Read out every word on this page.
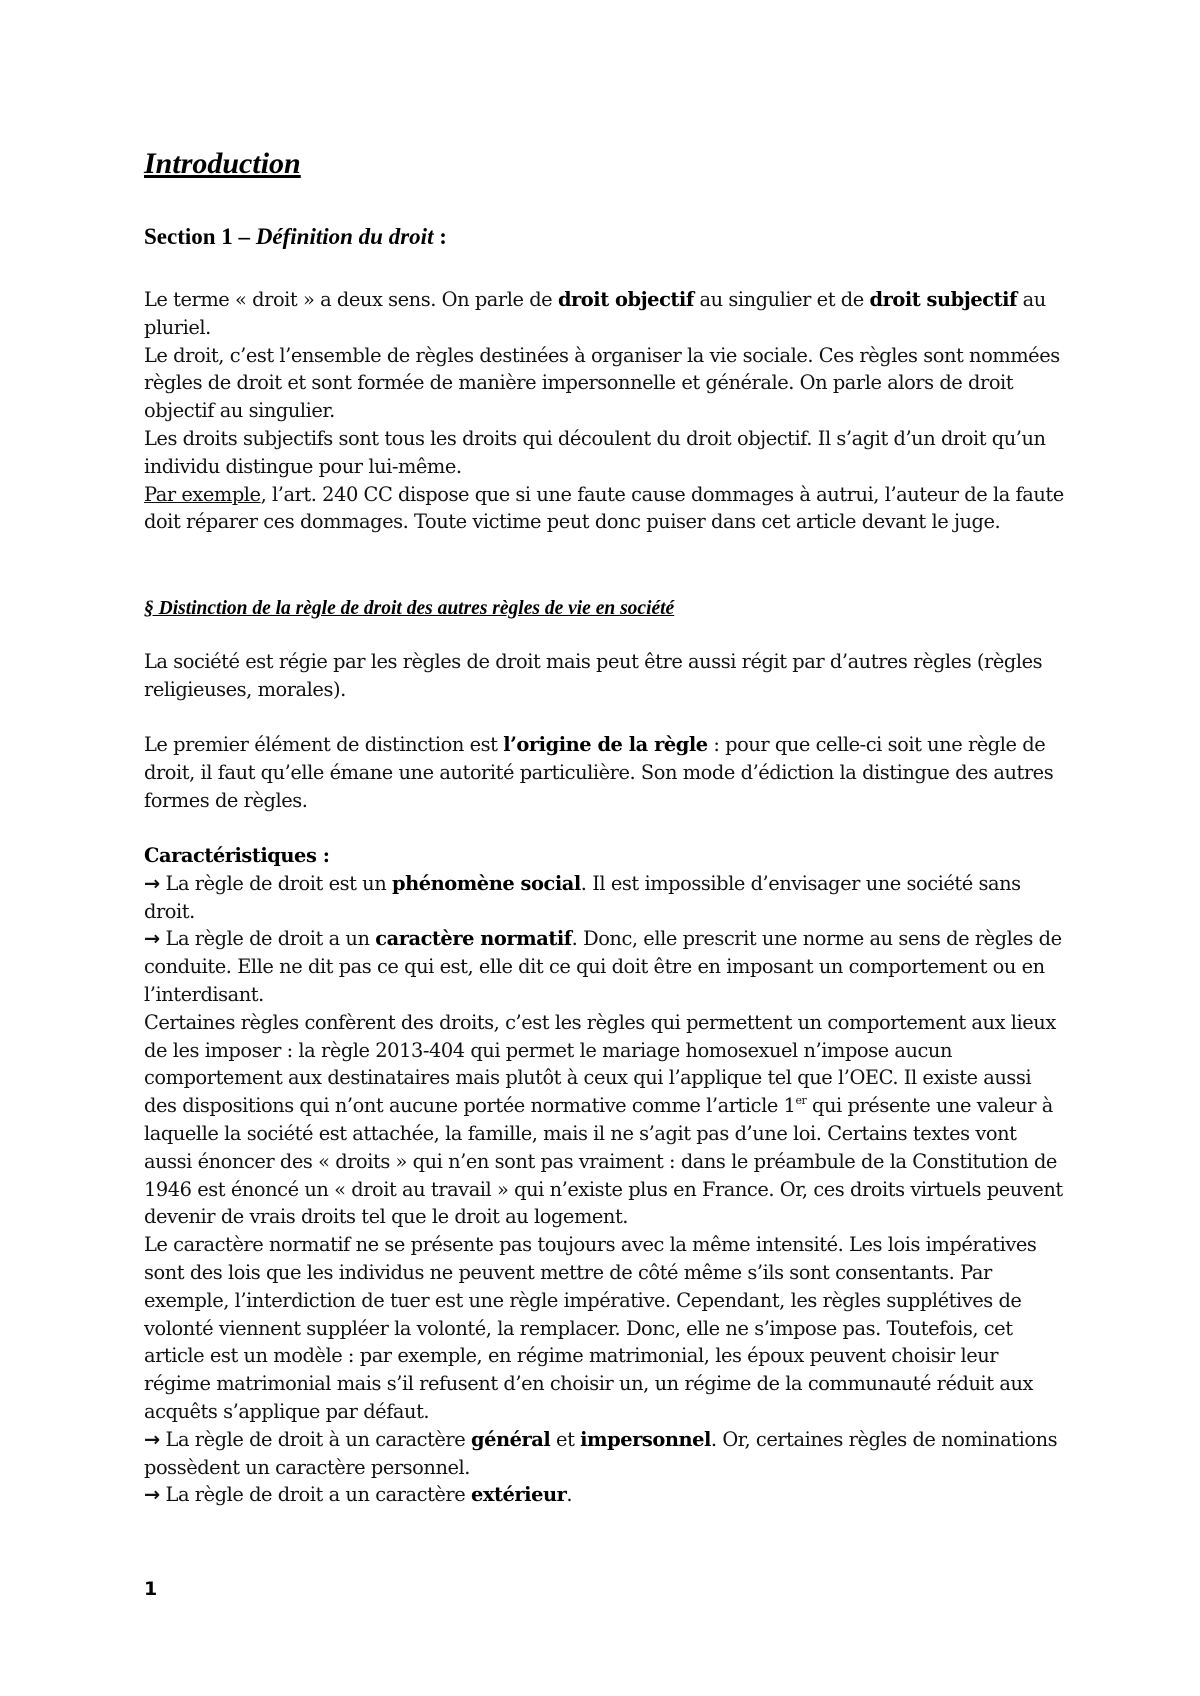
Introduction
Section 1 – Définition du droit :

Le terme « droit » a deux sens. On parle de droit objectif au singulier et de droit subjectif au pluriel.

Le droit, c’est l’ensemble de règles destinées à organiser la vie sociale. Ces règles sont nommées règles de droit et sont formée de manière impersonnelle et générale. On parle alors de droit objectif au singulier.

Les droits subjectifs sont tous les droits qui découlent du droit objectif. Il s’agit d’un droit qu’un individu distingue pour lui-même.

Par exemple, l’art. 240 CC dispose que si une faute cause dommages à autrui, l’auteur de la faute doit réparer ces dommages. Toute victime peut donc puiser dans cet article devant le juge.

§ Distinction de la règle de droit des autres règles de vie en société

La société est régie par les règles de droit mais peut être aussi régit par d’autres règles (règles religieuses, morales).

Le premier élément de distinction est l’origine de la règle : pour que celle-ci soit une règle de droit, il faut qu’elle émane une autorité particulière. Son mode d’édiction la distingue des autres formes de règles.

Caractéristiques :

→ La règle de droit est un phénomène social. Il est impossible d’envisager une société sans droit.

→ La règle de droit a un caractère normatif. Donc, elle prescrit une norme au sens de règles de conduite. Elle ne dit pas ce qui est, elle dit ce qui doit être en imposant un comportement ou en l’interdisant.

Certaines règles confèrent des droits, c’est les règles qui permettent un comportement aux lieux de les imposer : la règle 2013-404 qui permet le mariage homosexuel n’impose aucun comportement aux destinataires mais plutôt à ceux qui l’applique tel que l’OEC. Il existe aussi des dispositions qui n’ont aucune portée normative comme l’article 1er qui présente une valeur à laquelle la société est attachée, la famille, mais il ne s’agit pas d’une loi. Certains textes vont aussi énoncer des « droits » qui n’en sont pas vraiment : dans le préambule de la Constitution de 1946 est énoncé un « droit au travail » qui n’existe plus en France. Or, ces droits virtuels peuvent devenir de vrais droits tel que le droit au logement.

Le caractère normatif ne se présente pas toujours avec la même intensité. Les lois impératives sont des lois que les individus ne peuvent mettre de côté même s’ils sont consentants. Par exemple, l’interdiction de tuer est une règle impérative. Cependant, les règles supplétives de volonté viennent suppléer la volonté, la remplacer. Donc, elle ne s’impose pas. Toutefois, cet article est un modèle : par exemple, en régime matrimonial, les époux peuvent choisir leur régime matrimonial mais s’il refusent d’en choisir un, un régime de la communauté réduit aux acquêts s’applique par défaut.

→ La règle de droit à un caractère général et impersonnel. Or, certaines règles de nominations possèdent un caractère personnel.

→ La règle de droit a un caractère extérieur.

1
